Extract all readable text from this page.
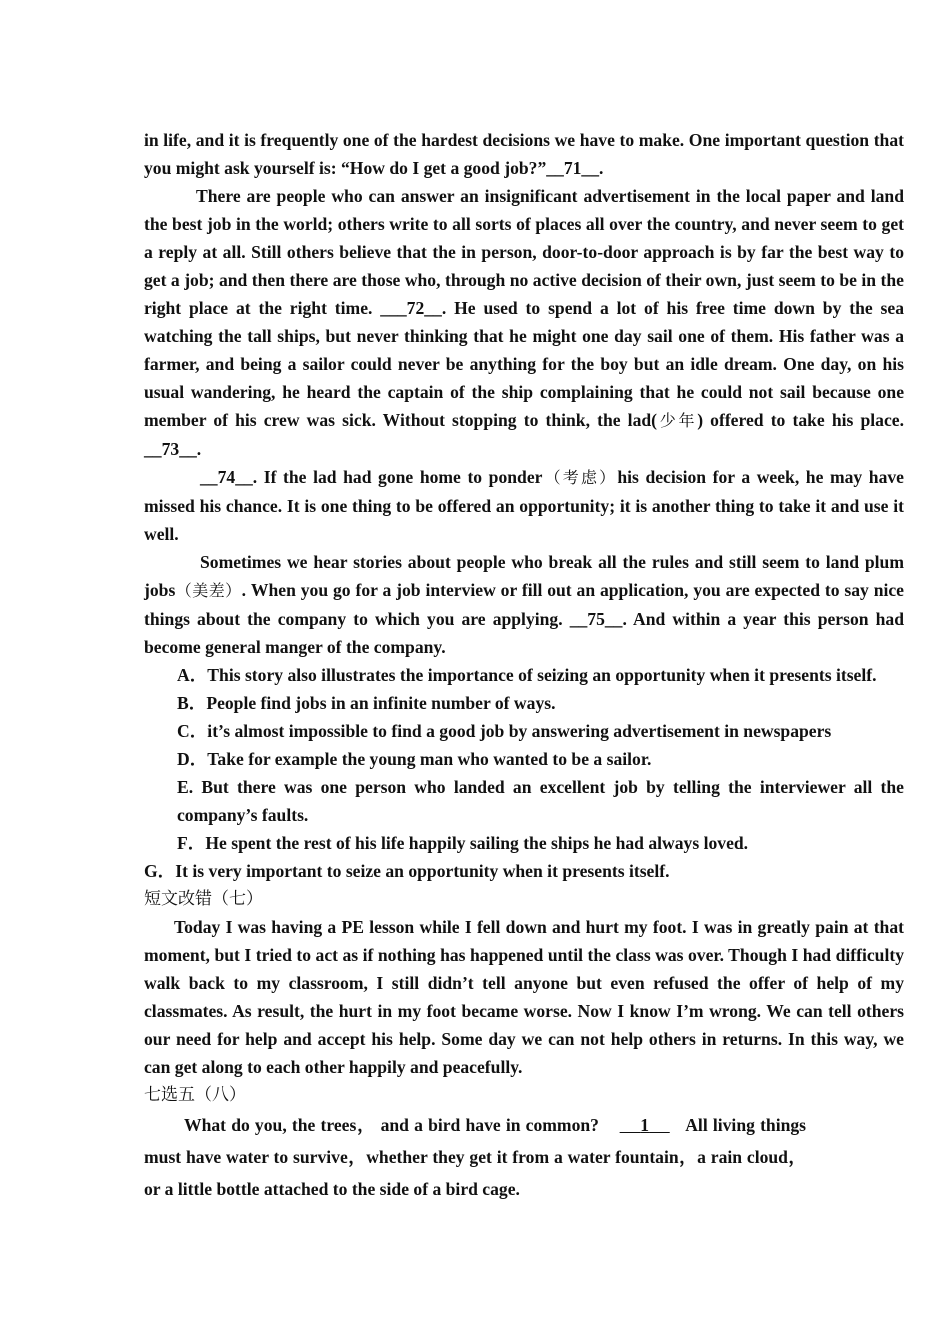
in life, and it is frequently one of the hardest decisions we have to make. One important question that you might ask yourself is: “How do I get a good job?”__71__.

There are people who can answer an insignificant advertisement in the local paper and land the best job in the world; others write to all sorts of places all over the country, and never seem to get a reply at all. Still others believe that the in person, door-to-door approach is by far the best way to get a job; and then there are those who, through no active decision of their own, just seem to be in the right place at the right time. ___72__. He used to spend a lot of his free time down by the sea watching the tall ships, but never thinking that he might one day sail one of them. His father was a farmer, and being a sailor could never be anything for the boy but an idle dream. One day, on his usual wandering, he heard the captain of the ship complaining that he could not sail because one member of his crew was sick. Without stopping to think, the lad(少年) offered to take his place. __73__.

__74__. If the lad had gone home to ponder（考虑）his decision for a week, he may have missed his chance. It is one thing to be offered an opportunity; it is another thing to take it and use it well.

Sometimes we hear stories about people who break all the rules and still seem to land plum jobs（美差）. When you go for a job interview or fill out an application, you are expected to say nice things about the company to which you are applying. __75__. And within a year this person had become general manger of the company.

A．This story also illustrates the importance of seizing an opportunity when it presents itself.

B．People find jobs in an infinite number of ways.

C．it’s almost impossible to find a good job by answering advertisement in newspapers

D．Take for example the young man who wanted to be a sailor.

E. But there was one person who landed an excellent job by telling the interviewer all the company’s faults.

F．He spent the rest of his life happily sailing the ships he had always loved.

G．It is very important to seize an opportunity when it presents itself.

短文改错（七）

Today I was having a PE lesson while I fell down and hurt my foot. I was in greatly pain at that moment, but I tried to act as if nothing has happened until the class was over. Though I had difficulty walk back to my classroom, I still didn’t tell anyone but even refused the offer of help of my classmates. As result, the hurt in my foot became worse. Now I know I’m wrong. We can tell others our need for help and accept his help. Some day we can not help others in returns. In this way, we can get along to each other happily and peacefully.

七选五（八）

What do you, the trees， and a bird have in common? 1 All living things must have water to survive，whether they get it from a water fountain，a rain cloud，or a little bottle attached to the side of a bird cage.
